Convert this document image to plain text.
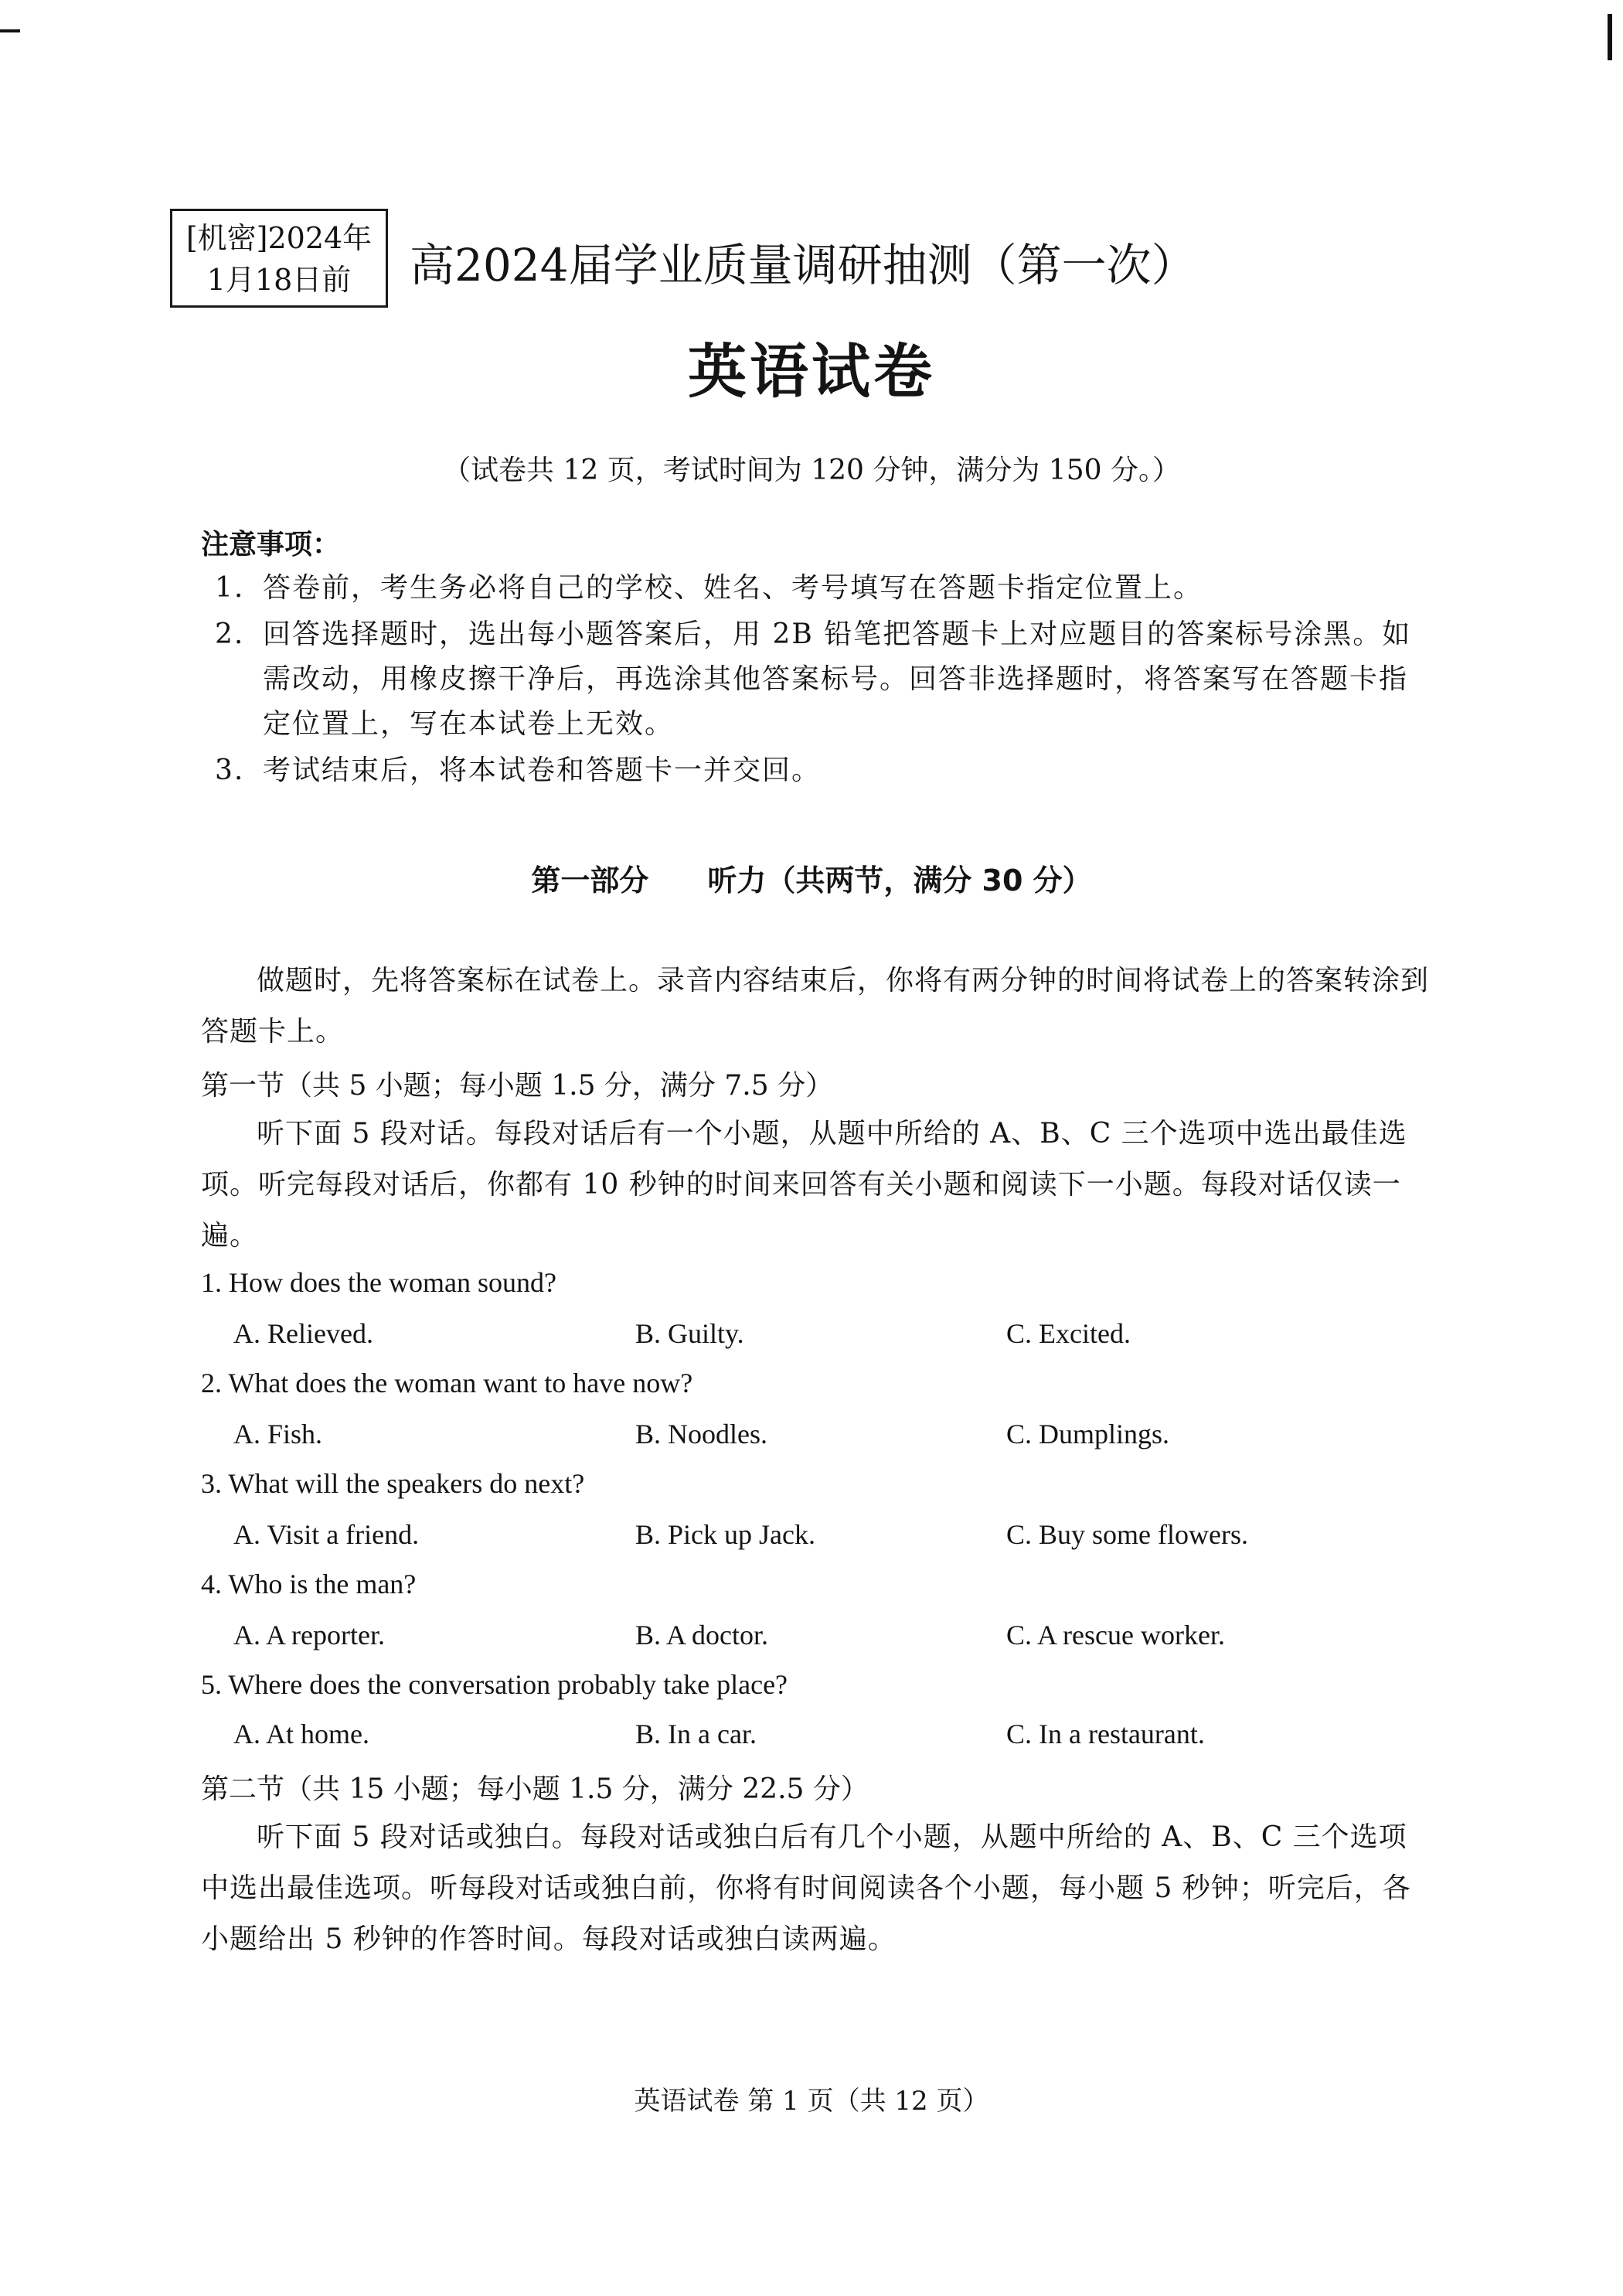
[机密]2024年
1月18日前	高2024届学业质量调研抽测（第一次）
英语试卷
（试卷共 12 页，考试时间为 120 分钟，满分为 150 分。）
注意事项：
1. 答卷前，考生务必将自己的学校、姓名、考号填写在答题卡指定位置上。
2. 回答选择题时，选出每小题答案后，用 2B 铅笔把答题卡上对应题目的答案标号涂黑。如需改动，用橡皮擦干净后，再选涂其他答案标号。回答非选择题时，将答案写在答题卡指定位置上，写在本试卷上无效。
3. 考试结束后，将本试卷和答题卡一并交回。
第一部分　　听力（共两节，满分 30 分）
做题时，先将答案标在试卷上。录音内容结束后，你将有两分钟的时间将试卷上的答案转涂到答题卡上。
第一节（共 5 小题；每小题 1.5 分，满分 7.5 分）
听下面 5 段对话。每段对话后有一个小题，从题中所给的 A、B、C 三个选项中选出最佳选项。听完每段对话后，你都有 10 秒钟的时间来回答有关小题和阅读下一小题。每段对话仅读一遍。
1. How does the woman sound?
A. Relieved.	B. Guilty.	C. Excited.
2. What does the woman want to have now?
A. Fish.	B. Noodles.	C. Dumplings.
3. What will the speakers do next?
A. Visit a friend.	B. Pick up Jack.	C. Buy some flowers.
4. Who is the man?
A. A reporter.	B. A doctor.	C. A rescue worker.
5. Where does the conversation probably take place?
A. At home.	B. In a car.	C. In a restaurant.
第二节（共 15 小题；每小题 1.5 分，满分 22.5 分）
听下面 5 段对话或独白。每段对话或独白后有几个小题，从题中所给的 A、B、C 三个选项中选出最佳选项。听每段对话或独白前，你将有时间阅读各个小题，每小题 5 秒钟；听完后，各小题给出 5 秒钟的作答时间。每段对话或独白读两遍。
英语试卷 第 1 页（共 12 页）
